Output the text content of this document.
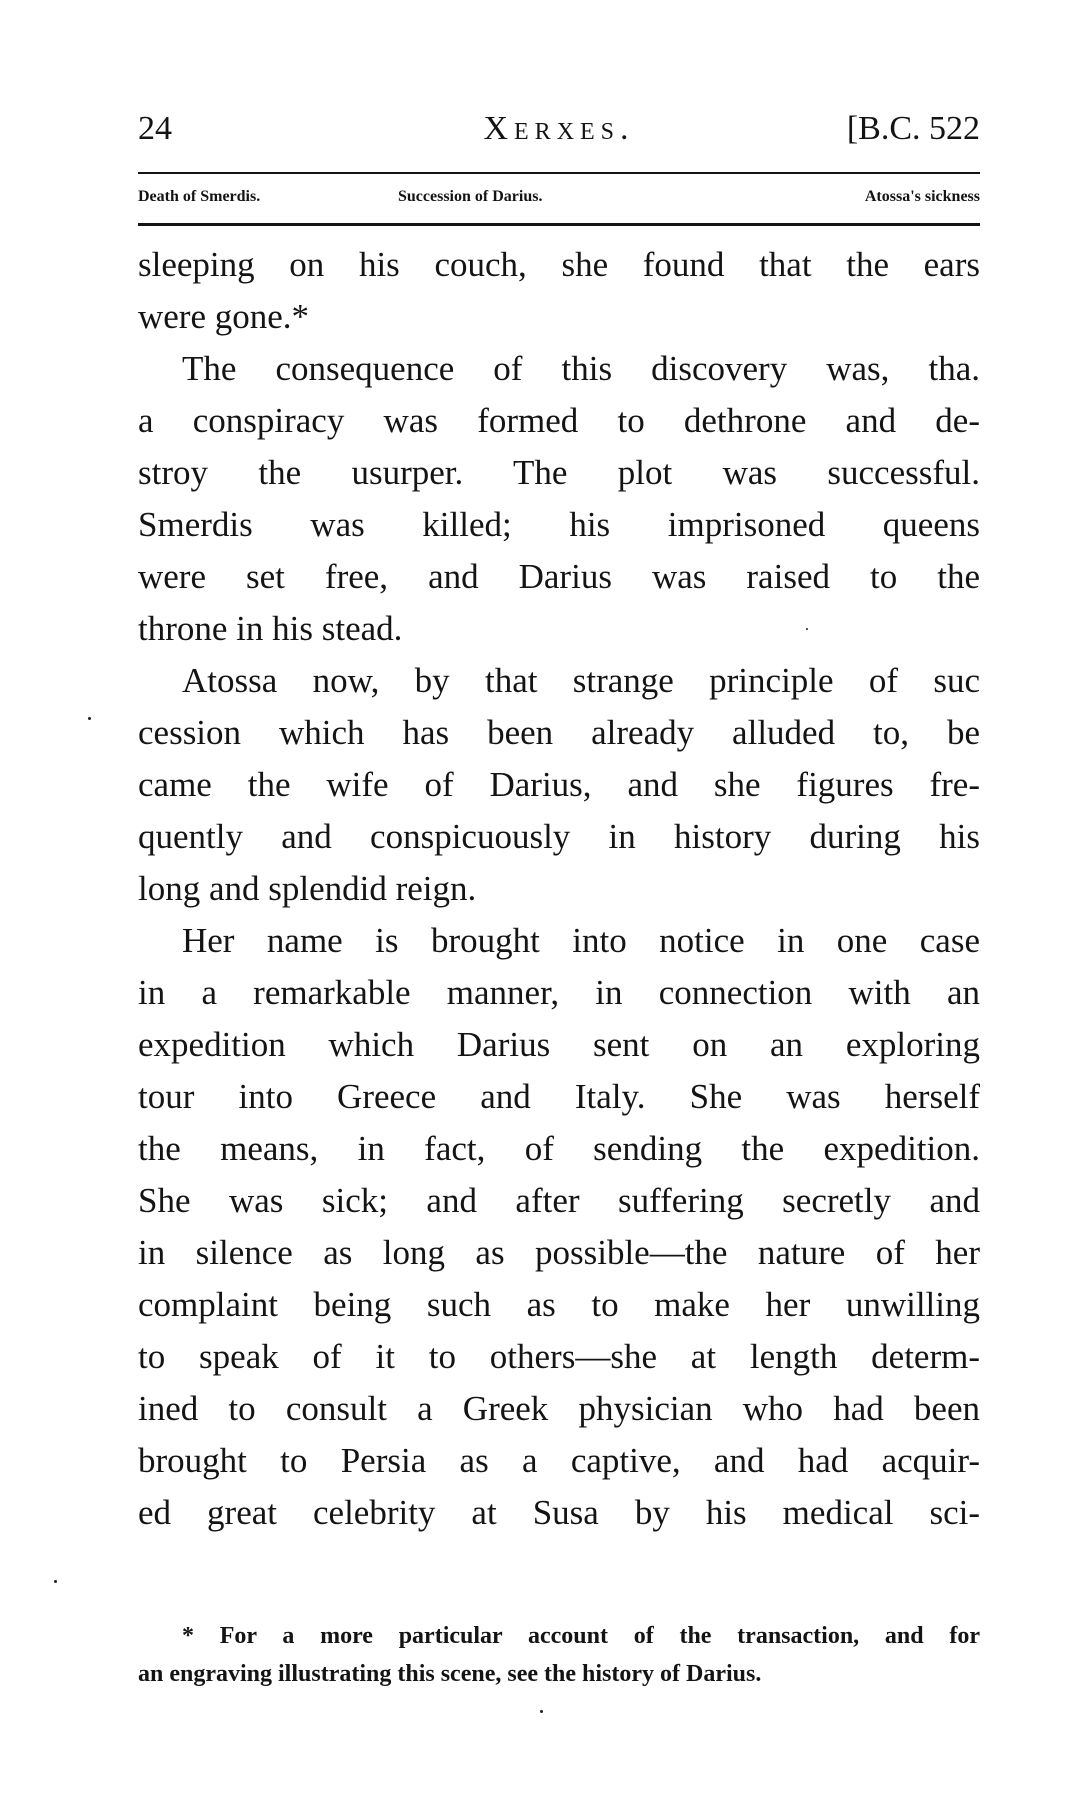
24	Xerxes.	[B.C. 522
Death of Smerdis.	Succession of Darius.	Atossa's sickness
sleeping on his couch, she found that the ears
were gone.*
The consequence of this discovery was, tha.
a conspiracy was formed to dethrone and de-
stroy the usurper. The plot was successful.
Smerdis was killed; his imprisoned queens
were set free, and Darius was raised to the
throne in his stead.
Atossa now, by that strange principle of suc
cession which has been already alluded to, be
came the wife of Darius, and she figures fre-
quently and conspicuously in history during his
long and splendid reign.
Her name is brought into notice in one case
in a remarkable manner, in connection with an
expedition which Darius sent on an exploring
tour into Greece and Italy. She was herself
the means, in fact, of sending the expedition.
She was sick; and after suffering secretly and
in silence as long as possible—the nature of her
complaint being such as to make her unwilling
to speak of it to others—she at length determ-
ined to consult a Greek physician who had been
brought to Persia as a captive, and had acquir-
ed great celebrity at Susa by his medical sci-
* For a more particular account of the transaction, and for
an engraving illustrating this scene, see the history of Darius.
